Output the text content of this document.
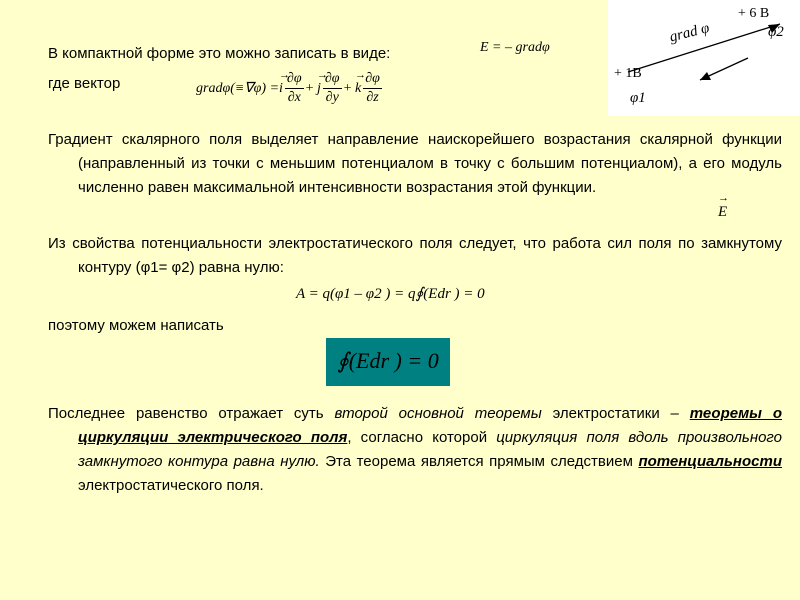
+ 6 B
φ2
grad φ
+ 1B
φ1
→ E
В компактной форме это можно записать в виде:	E = – gradφ
где вектор	gradφ(≡∇φ) = → i $\frac{\partial\varphi}{\partial x}$ +
→ j $\frac{\partial\varphi}{\partial y}$ +
→ k $\frac{\partial\varphi}{\partial z}$
Градиент скалярного поля выделяет направление наискорейшего возрастания скалярной функции (направленный из точки с меньшим потенциалом в точку с большим потенциалом), а его модуль численно равен максимальной интенсивности возрастания этой функции.
Из свойства потенциальности электростатического поля следует, что работа сил поля по замкнутому контуру (φ1= φ2) равна нулю:
A = q(φ1 – φ2 ) = q∮(Edr ) = 0
поэтому можем написать
∮(Edr ) = 0
Последнее равенство отражает суть второй основной теоремы электростатики – теоремы о циркуляции электрического поля, согласно которой циркуляция поля вдоль произвольного замкнутого контура равна нулю. Эта теорема является прямым следствием потенциальности электростатического поля.
